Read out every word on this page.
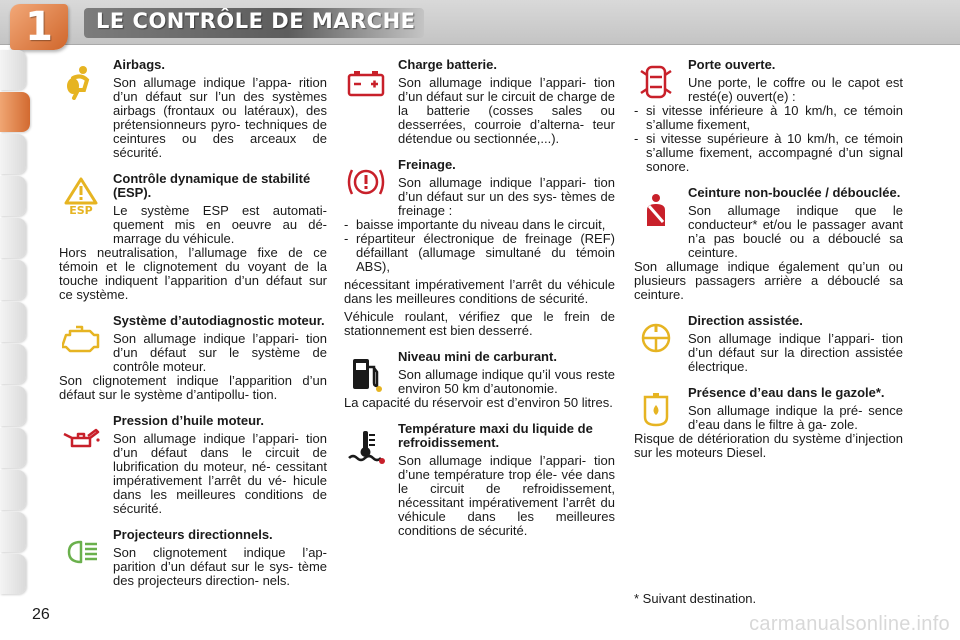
1	LE CONTRÔLE DE MARCHE
Airbags.

Son allumage indique l’appa- rition d’un défaut sur l’un des systèmes airbags (frontaux ou latéraux), des prétensionneurs pyro- techniques de ceintures ou des arceaux de sécurité.

ESP
Contrôle dynamique de stabilité (ESP).

Le système ESP est automati- quement mis en oeuvre au dé- marrage du véhicule.

Hors neutralisation, l’allumage fixe de ce témoin et le clignotement du voyant de la touche indiquent l’apparition d’un défaut sur ce système.

Système d’autodiagnostic moteur.

Son allumage indique l’appari- tion d’un défaut sur le système de contrôle moteur.

Son clignotement indique l’apparition d’un défaut sur le système d’antipollu- tion.

Pression d’huile moteur.

Son allumage indique l’appari- tion d’un défaut dans le circuit de lubrification du moteur, né- cessitant impérativement l’arrêt du vé- hicule dans les meilleures conditions de sécurité.

Projecteurs directionnels.

Son clignotement indique l’ap- parition d’un défaut sur le sys- tème des projecteurs direction- nels.

Charge batterie.

Son allumage indique l’appari- tion d’un défaut sur le circuit de charge de la batterie (cosses sales ou desserrées, courroie d’alterna- teur détendue ou sectionnée,...).

Freinage.

Son allumage indique l’appari- tion d’un défaut sur un des sys- tèmes de freinage :

- baisse importante du niveau dans le circuit,
- répartiteur électronique de freinage (REF) défaillant (allumage simultané du témoin ABS),

nécessitant impérativement l’arrêt du véhicule dans les meilleures conditions de sécurité.

Véhicule roulant, vérifiez que le frein de stationnement est bien desserré.

Niveau mini de carburant.

Son allumage indique qu’il vous reste environ 50 km d’autonomie.

La capacité du réservoir est d’environ 50 litres.

Température maxi du liquide de refroidissement.

Son allumage indique l’appari- tion d’une température trop éle- vée dans le circuit de refroidissement, nécessitant impérativement l’arrêt du véhicule dans les meilleures conditions de sécurité.

Porte ouverte.

Une porte, le coffre ou le capot est resté(e) ouvert(e) :

- si vitesse inférieure à 10 km/h, ce témoin s’allume fixement,
- si vitesse supérieure à 10 km/h, ce témoin s’allume fixement, accompagné d’un signal sonore.
Ceinture non-bouclée / débouclée.

Son allumage indique que le conducteur* et/ou le passager avant n’a pas bouclé ou a débouclé sa ceinture.

Son allumage indique également qu’un ou plusieurs passagers arrière a débouclé sa ceinture.

Direction assistée.

Son allumage indique l’appari- tion d’un défaut sur la direction assistée électrique.

Présence d’eau dans le gazole*.

Son allumage indique la pré- sence d’eau dans le filtre à ga- zole.

Risque de détérioration du système d’injection sur les moteurs Diesel.

* Suivant destination.
26	carmanualsonline.info
